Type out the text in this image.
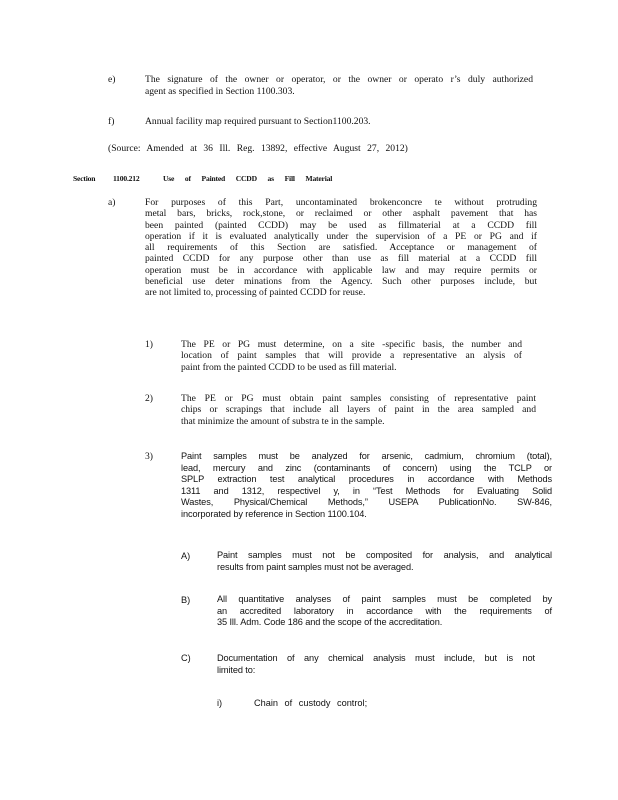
e)	The signature of the owner or operator, or the owner or operato r’s duly authorized
agent as specified in Section 1100.303.
f)	Annual facility map required pursuant to Section1100.203.
(Source: Amended at 36 Ill. Reg. 13892, effective August 27, 2012)
Section 1100.212	Use of Painted CCDD as Fill Material
a)	For purposes of this Part, uncontaminated brokenconcre te without protruding
metal bars, bricks, rock,stone, or reclaimed or other asphalt pavement that has
been painted (painted CCDD) may be used as fillmaterial at a CCDD fill
operation if it is evaluated analytically under the supervision of a PE or PG and if
all requirements of this Section are satisfied. Acceptance or management of
painted CCDD for any purpose other than use as fill material at a CCDD fill
operation must be in accordance with applicable law and may require permits or
beneficial use deter minations from the Agency. Such other purposes include, but
are not limited to, processing of painted CCDD for reuse.
1)	The PE or PG must determine, on a site -specific basis, the number and
location of paint samples that will provide a representative an alysis of
paint from the painted CCDD to be used as fill material.
2)	The PE or PG must obtain paint samples consisting of representative paint
chips or scrapings that include all layers of paint in the area sampled and
that minimize the amount of substra te in the sample.
3)	Paint samples must be analyzed for arsenic, cadmium, chromium (total),
lead, mercury and zinc (contaminants of concern) using the TCLP or
SPLP extraction test analytical procedures in accordance with Methods
1311 and 1312, respectivel y, in “Test Methods for Evaluating Solid
Wastes, Physical/Chemical Methods,” USEPA PublicationNo. SW-846,
incorporated by reference in Section 1100.104.
A)	Paint samples must not be composited for analysis, and analytical
results from paint samples must not be averaged.
B)	All quantitative analyses of paint samples must be completed by
an accredited laboratory in accordance with the requirements of
35 Ill. Adm. Code 186 and the scope of the accreditation.
C)	Documentation of any chemical analysis must include, but is not
limited to:
i)	Chain of custody control;
